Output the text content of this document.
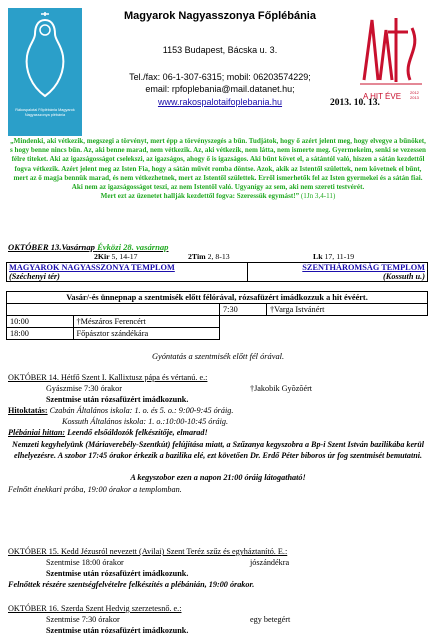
Rákospalotai Főplébánia Magyarok Nagyasszonya plébánia
Magyarok Nagyasszonya Főplébánia
1153 Budapest, Bácska u. 3.
Tel./fax: 06-1-307-6315; mobil: 06203574229;
email: rpfoplebania@mail.datanet.hu;
www.rakospalotaifoplebania.hu
A HIT ÉVE	2012 2013
2013. 10. 13.
„Mindenki, aki vétkezik, megszegi a törvényt, mert épp a törvényszegés a bűn. Tudjátok, hogy ő azért jelent meg, hogy elvegye a bűnöket, s hogy benne nincs bűn. Az, aki benne marad, nem vétkezik. Az, aki vétkezik, nem látta, nem ismerte meg. Gyermekeim, senki se vezessen félre titeket. Aki az igazságosságot cselekszi, az igazságos, ahogy ő is igazságos. Aki bűnt követ el, a sátántól való, hiszen a sátán kezdettől fogva vétkezik. Azért jelent meg az Isten Fia, hogy a sátán művét romba döntse. Azok, akik az Istentől születtek, nem követnek el bűnt, mert az ő magja bennük marad, és nem vétkezhetnek, mert az Istentől születtek. Erről ismerhetők fel az Isten gyermekei és a sátán fiai. Aki nem az igazságosságot teszi, az nem Istentől való. Ugyanígy az sem, aki nem szereti testvérét.
Mert ezt az üzenetet hallják kezdettől fogva: Szeressük egymást!” (1Jn 3,4-11)
OKTÓBER 13.Vasárnap Évközi 28. vasárnap
2Kir 5, 14-17	2Tim 2, 8-13	Lk 17, 11-19
MAGYAROK NAGYASSZONYA TEMPLOM
(Széchenyi tér)

SZENTHÁROMSÁG TEMPLOM
(Kossuth u.)
Vasár/-és ünnepnap a szentmisék előtt félórával, rózsafüzért imádkozzuk a hit évéért.			
		7:30	†Varga Istvánért
10:00	†Mészáros Ferencért		
18:00	Főpásztor szándékára		
Gyóntatás a szentmisék előtt fél órával.
OKTÓBER 14. Hétfő Szent I. Kallixtusz pápa és vértanú. e.:
Gyászmise 7:30 órakor	†Jakobik Gyõzõért
Szentmise után rózsafüzért imádkozunk.
Hitoktatás: Czabán Általános iskola: 1. o. és 5. o.: 9:00-9:45 óráig.
Kossuth Általános iskola: 1. o.:10:00-10:45 óráig.
Plébániai hittan: Leendő elsőáldozók felkészítője, elmarad!
Nemzeti kegyhelyünk (Máriaverebély-Szentkút) felújítása miatt, a Szűzanya kegyszobra a Bp-i Szent István bazilikába kerül elhelyezésre. A szobor 17:45 órakor érkezik a bazilika elé, ezt követően Dr. Erdő Péter bíboros úr fog szentmisét bemutatni.
A kegyszobor ezen a napon 21:00 óráig látogatható!
Felnőtt énekkari próba, 19:00 órakor a templomban.
OKTÓBER 15. Kedd Jézusról nevezett (Avilai) Szent Teréz szűz és egyháztanító. E.:
Szentmise 18:00 órakor	jószándékra
Szentmise után rózsafüzért imádkozunk.
Felnőttek részére szentségfelvételre felkészítés a plébánián, 19:00 órakor.
OKTÓBER 16. Szerda Szent Hedvig szerzetesnő. e.:
Szentmise 7:30 órakor	egy betegért
Szentmise után rózsafüzért imádkozunk.
